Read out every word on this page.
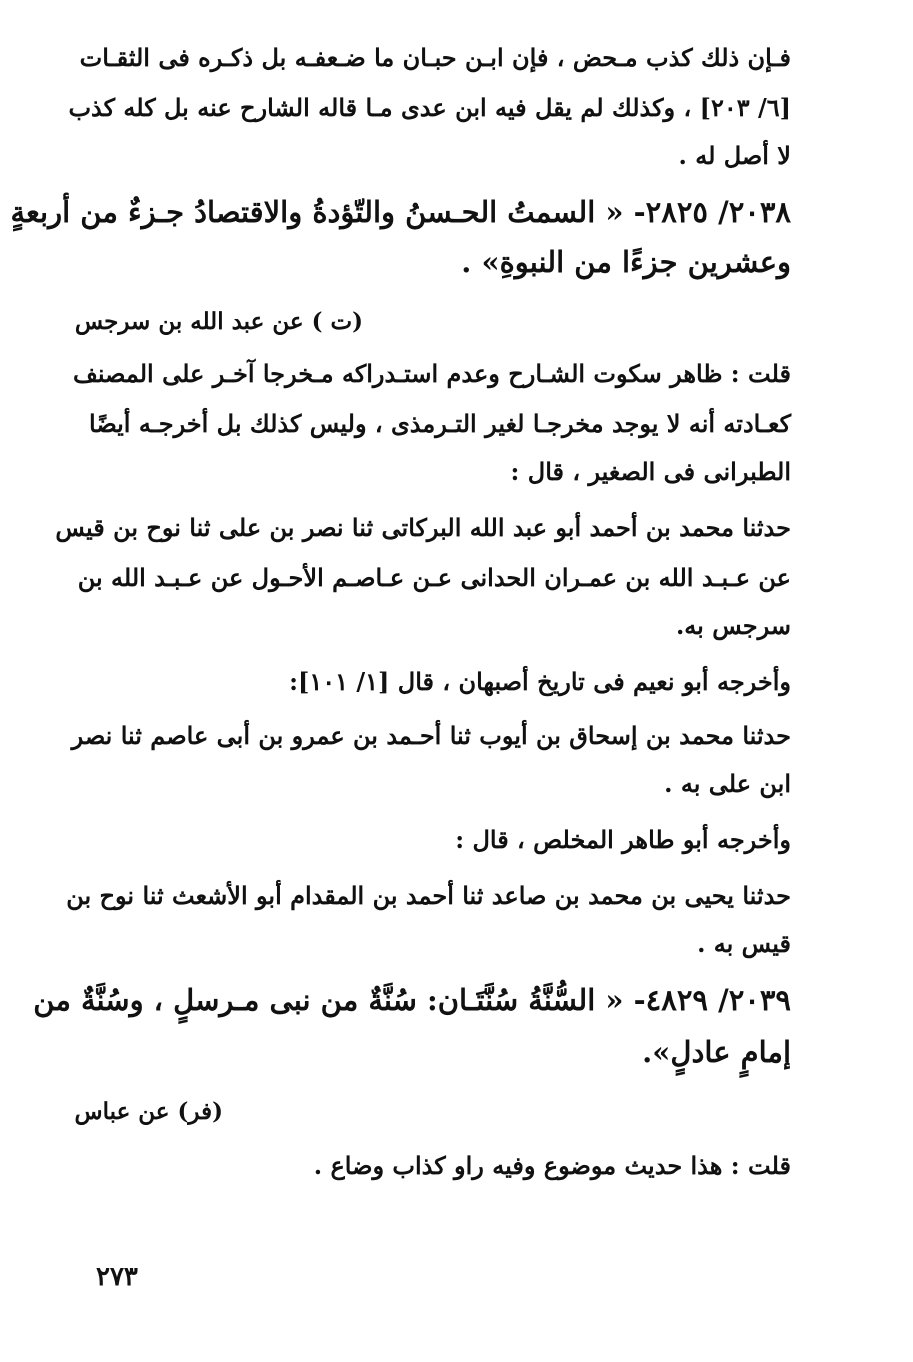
فـإن ذلك كذب مـحض ، فإن ابـن حبـان ما ضـعفـه بل ذكـره فى الثقـات
[٦/ ٢٠٣] ، وكذلك لم يقل فيه ابن عدى مـا قاله الشارح عنه بل كله كذب
لا أصل له .
٢٠٣٨/ ٢٨٢٥- « السمتُ الحـسنُ والتّؤدةُ والاقتصادُ جـزءٌ من أربعةٍ
وعشرين جزءًا من النبوةِ» .
(ت ) عن عبد الله بن سرجس
قلت : ظاهر سكوت الشـارح وعدم استـدراكه مـخرجا آخـر على المصنف
كعـادته أنه لا يوجد مخرجـا لغير التـرمذى ، وليس كذلك بل أخرجـه أيضًا
الطبرانى فى الصغير ، قال :
حدثنا محمد بن أحمد أبو عبد الله البركاتى ثنا نصر بن على ثنا نوح بن قيس
عن عـبـد الله بن عمـران الحدانى عـن عـاصـم الأحـول عن عـبـد الله بن
سرجس به.
وأخرجه أبو نعيم فى تاريخ أصبهان ، قال [١/ ١٠١]:
حدثنا محمد بن إسحاق بن أيوب ثنا أحـمد بن عمرو بن أبى عاصم ثنا نصر
ابن على به .
وأخرجه أبو طاهر المخلص ، قال :
حدثنا يحيى بن محمد بن صاعد ثنا أحمد بن المقدام أبو الأشعث ثنا نوح بن
قيس به .
٢٠٣٩/ ٤٨٢٩- « السُّنَّةُ سُنَّتَـان: سُنَّةٌ من نبى مـرسلٍ ، وسُنَّةٌ من
إمامٍ عادلٍ».
(فر) عن عباس
قلت : هذا حديث موضوع وفيه راو كذاب وضاع .
٢٧٣
